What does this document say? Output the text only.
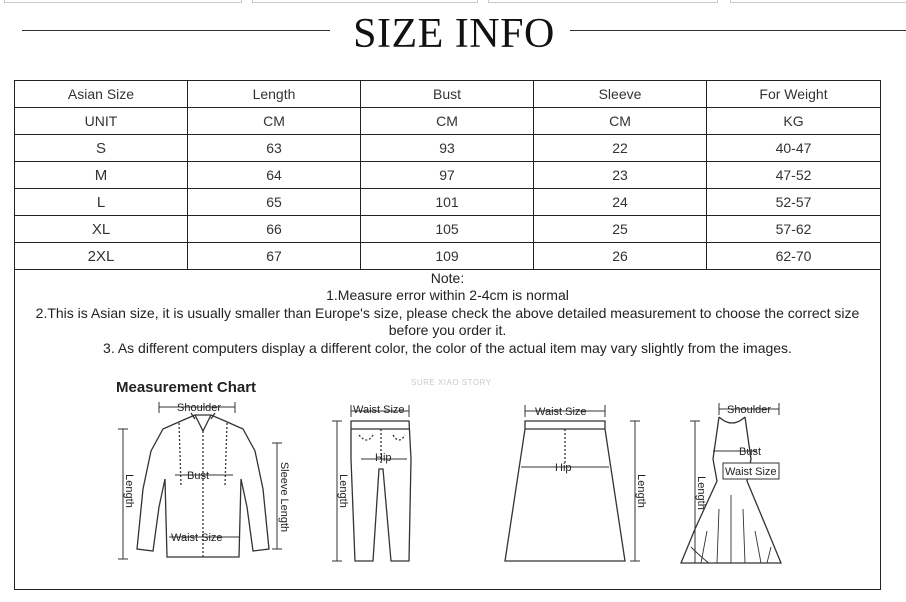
SIZE INFO
Asian Size	Length	Bust	Sleeve	For Weight
UNIT	CM	CM	CM	KG
S	63	93	22	40-47
M	64	97	23	47-52
L	65	101	24	52-57
XL	66	105	25	57-62
2XL	67	109	26	62-70
Note:
1.Measure error within 2-4cm is normal
2.This is Asian size, it is usually smaller than Europe's size, please check the above detailed measurement to choose the correct size before you order it.
3. As different computers display a different color, the color of the actual item may vary slightly from the images.
Measurement Chart	SURE XIAO STORY
Shoulder
Bust
Waist Size
Length	Sleeve Length
Waist Size
Hip
Length
Waist Size
Hip
Length
Shoulder
Bust
Waist Size
Length
